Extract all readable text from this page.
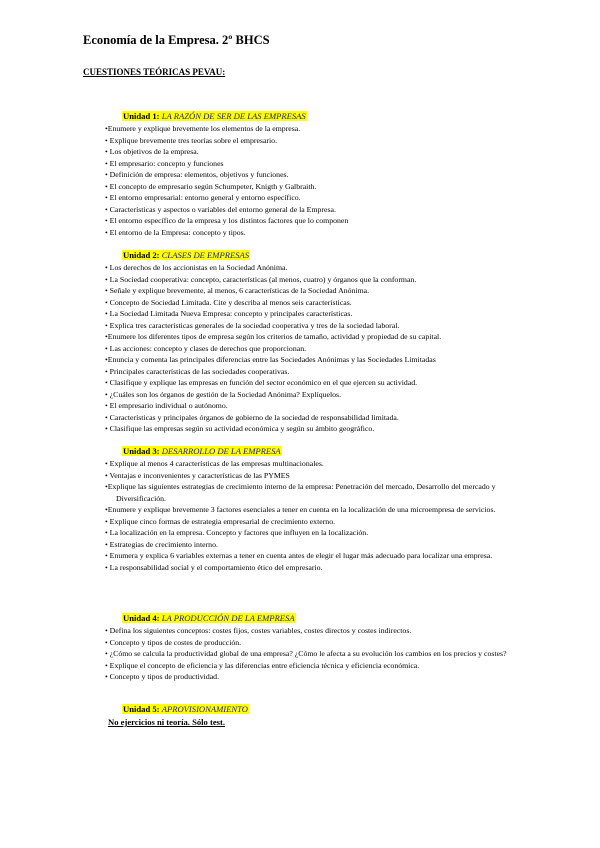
Economía de la Empresa. 2º BHCS
CUESTIONES TEÓRICAS PEVAU:
Unidad 1: LA RAZÓN DE SER DE LAS EMPRESAS
•Enumere y explique brevemente los elementos de la empresa.
• Explique brevemente tres teorías sobre el empresario.
• Los objetivos de la empresa.
• El empresario: concepto y funciones
• Definición de empresa: elementos, objetivos y funciones.
• El concepto de empresario según Schumpeter, Knigth y Galbraith.
• El entorno empresarial: entorno general y entorno específico.
• Características y aspectos o variables del entorno general de la Empresa.
• El entorno específico de la empresa y los distintos factores que lo componen
• El entorno de la Empresa: concepto y tipos.
Unidad 2: CLASES DE EMPRESAS
• Los derechos de los accionistas en la Sociedad Anónima.
• La Sociedad cooperativa: concepto, características (al menos, cuatro) y órganos que la conforman.
• Señale y explique brevemente, al menos, 6 características de la Sociedad Anónima.
• Concepto de Sociedad Limitada. Cite y describa al menos seis características.
• La Sociedad Limitada Nueva Empresa: concepto y principales características.
• Explica tres características generales de la sociedad cooperativa y tres de la sociedad laboral.
•Enumere los diferentes tipos de empresa según los criterios de tamaño, actividad y propiedad de su capital.
• Las acciones: concepto y clases de derechos que proporcionan.
•Enuncia y comenta las principales diferencias entre las Sociedades Anónimas y las Sociedades Limitadas
• Principales características de las sociedades cooperativas.
• Clasifique y explique las empresas en función del sector económico en el que ejercen su actividad.
• ¿Cuáles son los órganos de gestión de la Sociedad Anónima? Explíquelos.
• El empresario individual o autónomo.
• Características y principales órganos de gobierno de la sociedad de responsabilidad limitada.
• Clasifique las empresas según su actividad económica y según su ámbito geográfico.
Unidad 3: DESARROLLO DE LA EMPRESA
• Explique al menos 4 características de las empresas multinacionales.
• Ventajas e inconvenientes y características de las PYMES
•Explique las siguientes estrategias de crecimiento interno de la empresa: Penetración del mercado, Desarrollo del mercado y Diversificación.
•Enumere y explique brevemente 3 factores esenciales a tener en cuenta en la localización de una microempresa de servicios.
• Explique cinco formas de estrategia empresarial de crecimiento externo.
• La localización en la empresa. Concepto y factores que influyen en la localización.
• Estrategias de crecimiento interno.
• Enumera y explica 6 variables externas a tener en cuenta antes de elegir el lugar más adecuado para localizar una empresa.
• La responsabilidad social y el comportamiento ético del empresario.
Unidad 4: LA PRODUCCIÓN DE LA EMPRESA
• Defina los siguientes conceptos: costes fijos, costes variables, costes directos y costes indirectos.
• Concepto y tipos de costes de producción.
• ¿Cómo se calcula la productividad global de una empresa? ¿Cómo le afecta a su evolución los cambios en los precios y costes?
• Explique el concepto de eficiencia y las diferencias entre eficiencia técnica y eficiencia económica.
• Concepto y tipos de productividad.
Unidad 5: APROVISIONAMIENTO
No ejercicios ni teoría. Sólo test.
